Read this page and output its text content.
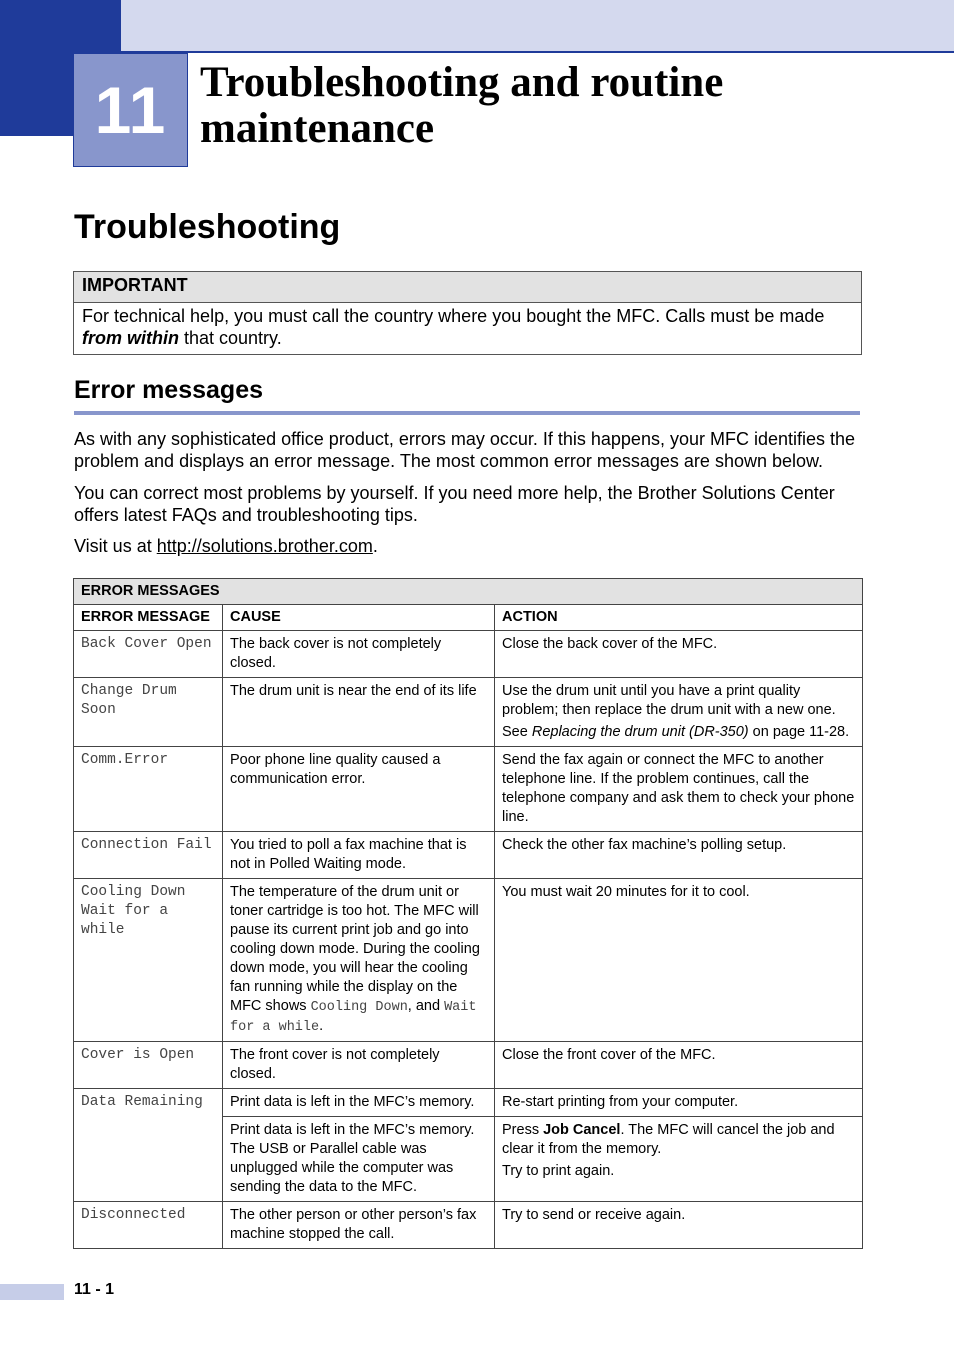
11 Troubleshooting and routine
maintenance
Troubleshooting
IMPORTANT
For technical help, you must call the country where you bought the MFC. Calls must be made from within that country.
Error messages
As with any sophisticated office product, errors may occur. If this happens, your MFC identifies the problem and displays an error message. The most common error messages are shown below.
You can correct most problems by yourself. If you need more help, the Brother Solutions Center offers latest FAQs and troubleshooting tips.
Visit us at http://solutions.brother.com.
ERROR MESSAGES		
ERROR MESSAGE	CAUSE	ACTION
Back Cover Open	The back cover is not completely closed.	Close the back cover of the MFC.
Change Drum Soon	The drum unit is near the end of its life	Use the drum unit until you have a print quality problem; then replace the drum unit with a new one.
See Replacing the drum unit (DR-350) on page 11-28.

Comm.Error	Poor phone line quality caused a communication error.	Send the fax again or connect the MFC to another telephone line. If the problem continues, call the telephone company and ask them to check your phone line.
Connection Fail	You tried to poll a fax machine that is not in Polled Waiting mode.	Check the other fax machine’s polling setup.

Cooling Down
Wait for a while	The temperature of the drum unit or toner cartridge is too hot. The MFC will pause its current print job and go into cooling down mode. During the cooling down mode, you will hear the cooling fan running while the display on the MFC shows Cooling Down, and Wait for a while.	You must wait 20 minutes for it to cool.
Cover is Open	The front cover is not completely closed.	Close the front cover of the MFC.
Data Remaining	Print data is left in the MFC’s memory.	Re-start printing from your computer.
	Print data is left in the MFC’s memory. The USB or Parallel cable was unplugged while the computer was sending the data to the MFC.	Press Job Cancel. The MFC will cancel the job and clear it from the memory.
Try to print again.

Disconnected	The other person or other person’s fax machine stopped the call.	Try to send or receive again.
11 - 1
